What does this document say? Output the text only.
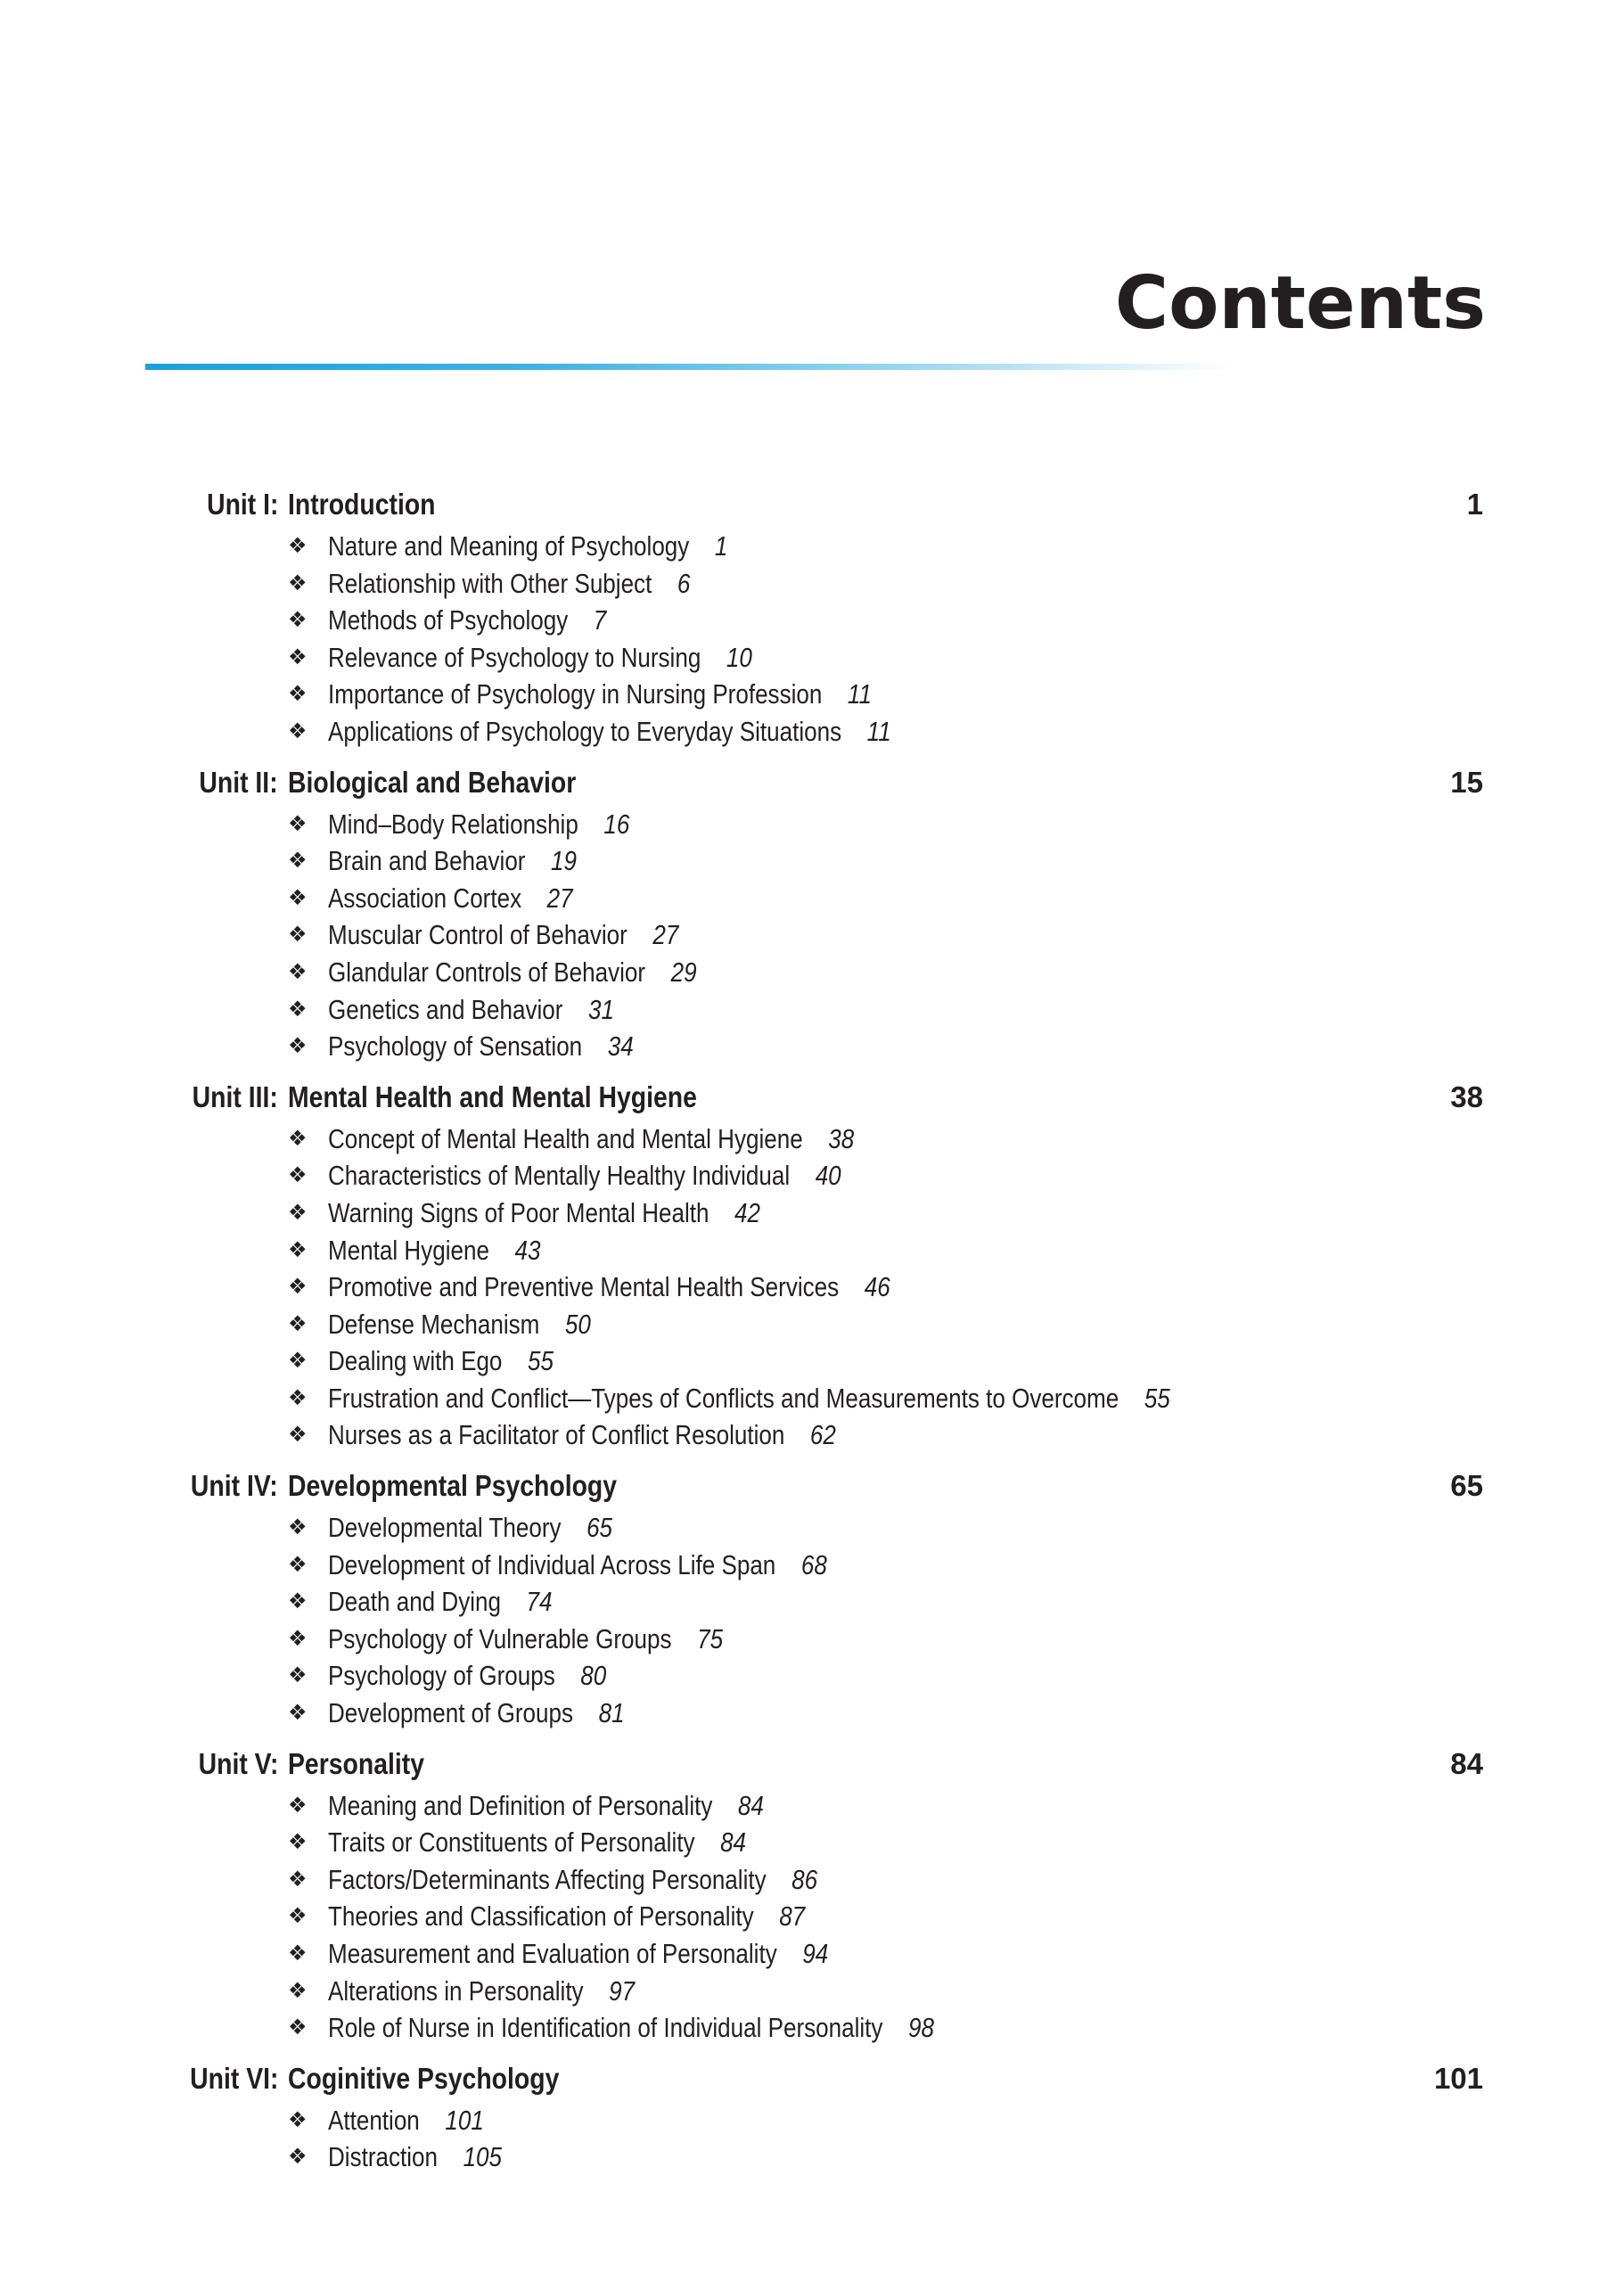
Contents
Unit I: Introduction	1
❖ Nature and Meaning of Psychology 1
❖ Relationship with Other Subject 6
❖ Methods of Psychology 7
❖ Relevance of Psychology to Nursing 10
❖ Importance of Psychology in Nursing Profession 11
❖ Applications of Psychology to Everyday Situations 11
Unit II: Biological and Behavior	15
❖ Mind–Body Relationship 16
❖ Brain and Behavior 19
❖ Association Cortex 27
❖ Muscular Control of Behavior 27
❖ Glandular Controls of Behavior 29
❖ Genetics and Behavior 31
❖ Psychology of Sensation 34
Unit III: Mental Health and Mental Hygiene	38
❖ Concept of Mental Health and Mental Hygiene 38
❖ Characteristics of Mentally Healthy Individual 40
❖ Warning Signs of Poor Mental Health 42
❖ Mental Hygiene 43
❖ Promotive and Preventive Mental Health Services 46
❖ Defense Mechanism 50
❖ Dealing with Ego 55
❖ Frustration and Conflict—Types of Conflicts and Measurements to Overcome 55
❖ Nurses as a Facilitator of Conflict Resolution 62
Unit IV: Developmental Psychology	65
❖ Developmental Theory 65
❖ Development of Individual Across Life Span 68
❖ Death and Dying 74
❖ Psychology of Vulnerable Groups 75
❖ Psychology of Groups 80
❖ Development of Groups 81
Unit V: Personality	84
❖ Meaning and Definition of Personality 84
❖ Traits or Constituents of Personality 84
❖ Factors/Determinants Affecting Personality 86
❖ Theories and Classification of Personality 87
❖ Measurement and Evaluation of Personality 94
❖ Alterations in Personality 97
❖ Role of Nurse in Identification of Individual Personality 98
Unit VI: Coginitive Psychology	101
❖ Attention 101
❖ Distraction 105
